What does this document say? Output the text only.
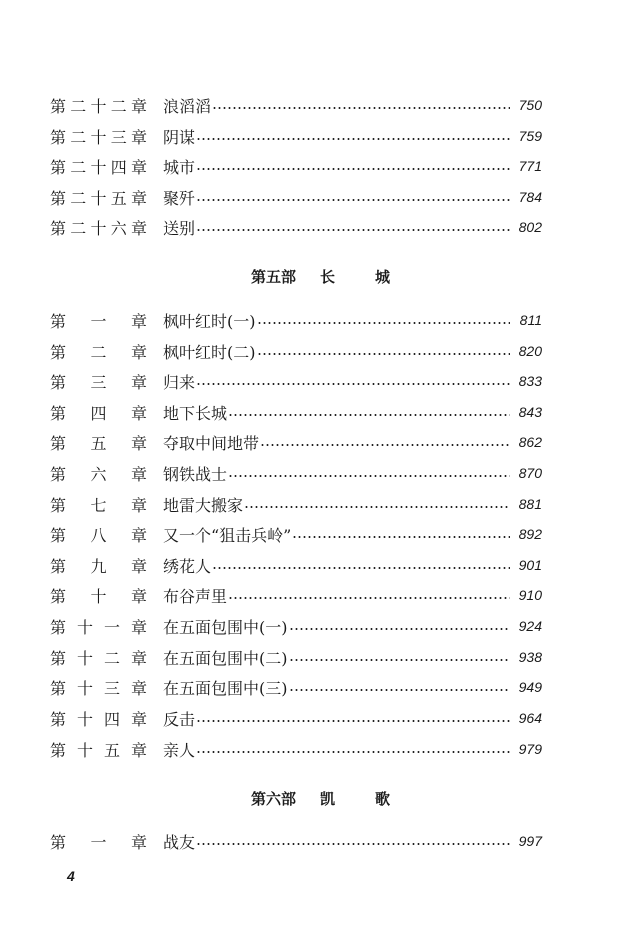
第 二 十 二 章 浪滔滔	750
第 二 十 三 章 阴谋	759
第 二 十 四 章 城市	771
第 二 十 五 章 聚歼	784
第 二 十 六 章 送别	802
第五部 长	城
第 一 章 枫叶红时(一)	811
第 二 章 枫叶红时(二)	820
第 三 章 归来	833
第 四 章 地下长城	843
第 五 章 夺取中间地带	862
第 六 章 钢铁战士	870
第 七 章 地雷大搬家	881
第 八 章 又一个“狙击兵岭”	892
第 九 章 绣花人	901
第 十 章 布谷声里	910
第 十 一 章 在五面包围中(一)	924
第 十 二 章 在五面包围中(二)	938
第 十 三 章 在五面包围中(三)	949
第 十 四 章 反击	964
第 十 五 章 亲人	979
第六部 凯	歌
第 一 章 战友	997
4
